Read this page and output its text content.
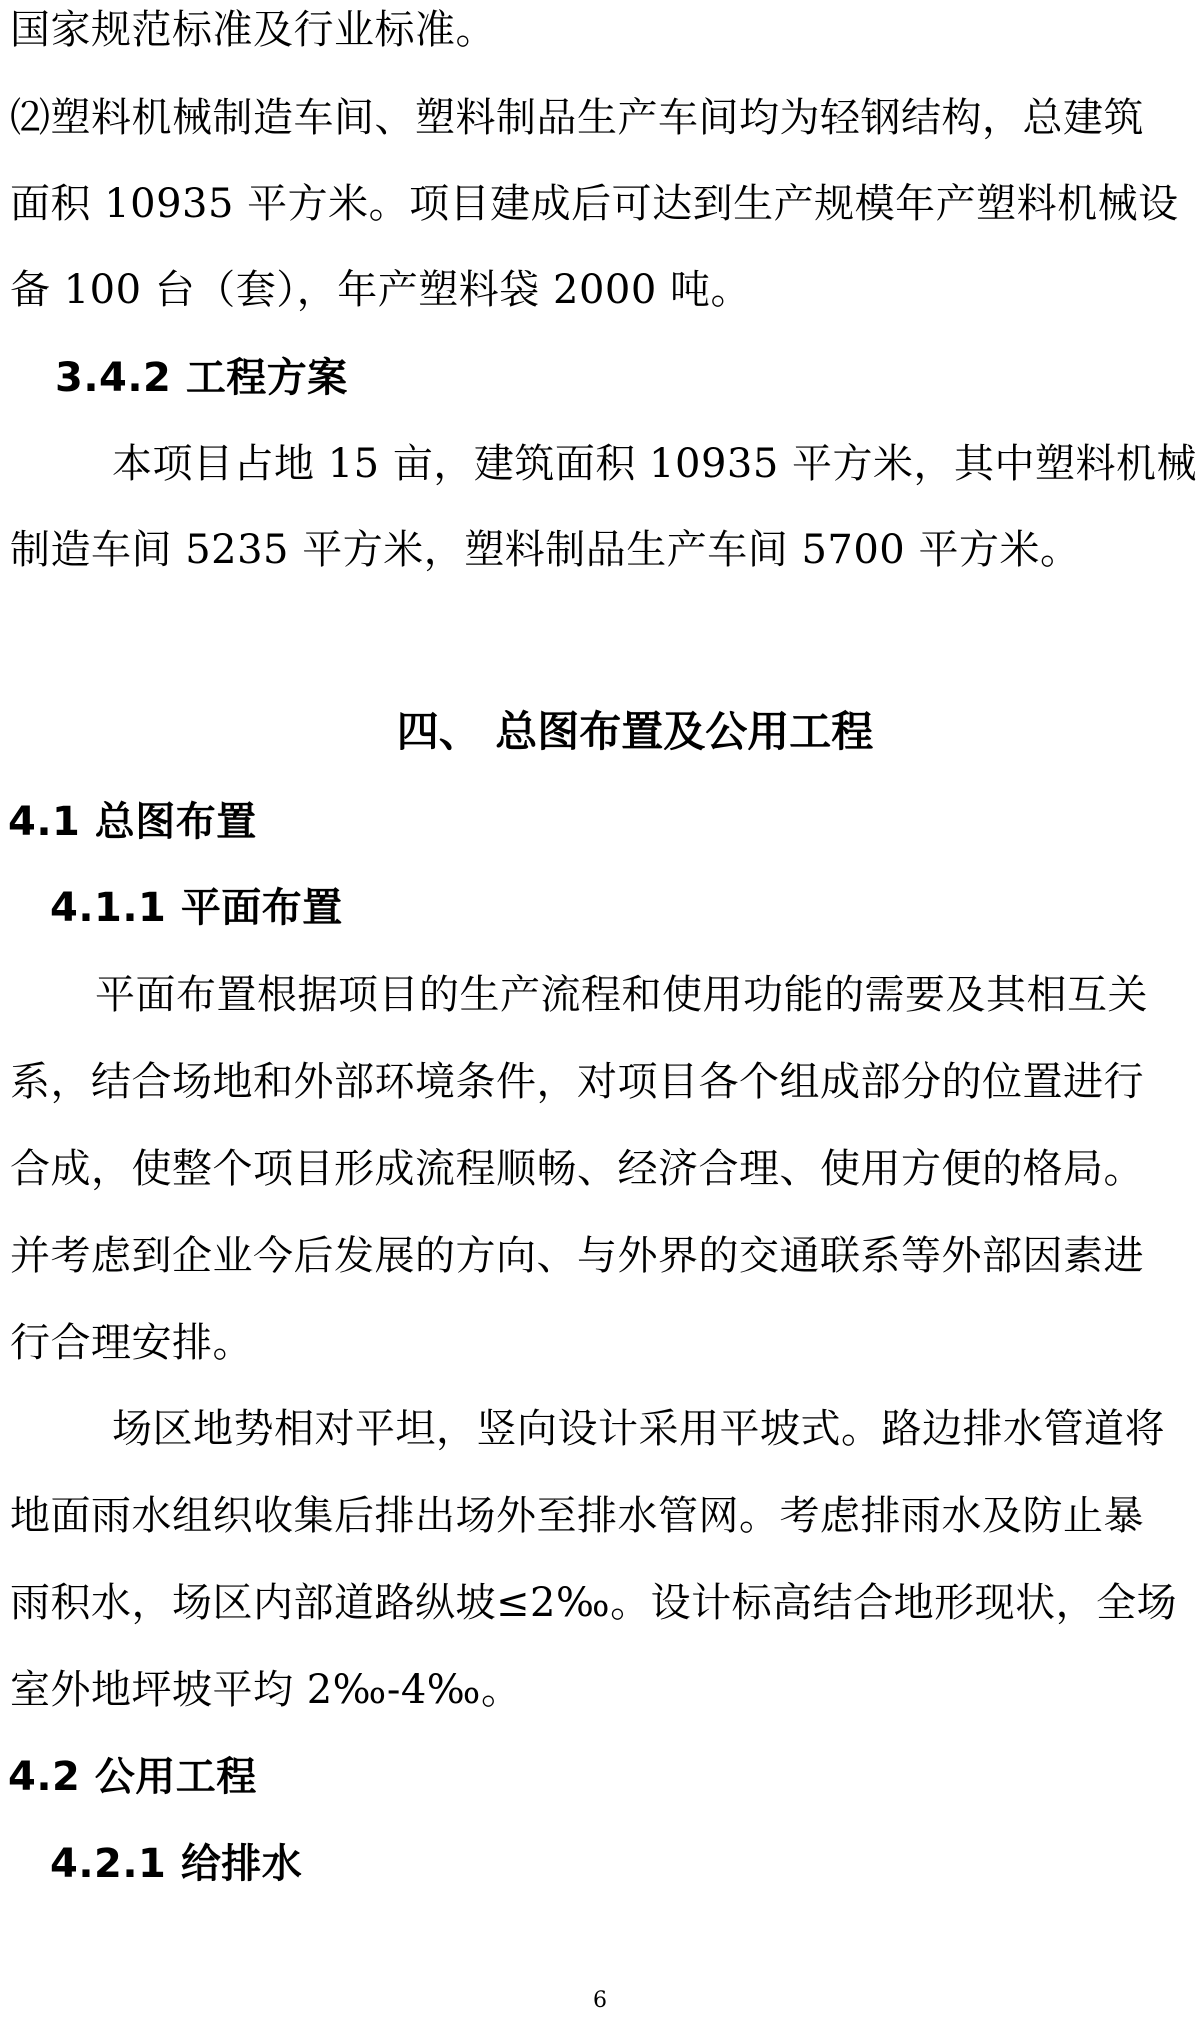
国家规范标准及行业标准。
⑵塑料机械制造车间、塑料制品生产车间均为轻钢结构，总建筑
面积 10935 平方米。项目建成后可达到生产规模年产塑料机械设
备 100 台（套），年产塑料袋 2000 吨。
3.4.2 工程方案
本项目占地 15 亩，建筑面积 10935 平方米，其中塑料机械
制造车间 5235 平方米，塑料制品生产车间 5700 平方米。
四、 总图布置及公用工程
4.1 总图布置
4.1.1 平面布置
平面布置根据项目的生产流程和使用功能的需要及其相互关
系，结合场地和外部环境条件，对项目各个组成部分的位置进行
合成，使整个项目形成流程顺畅、经济合理、使用方便的格局。
并考虑到企业今后发展的方向、与外界的交通联系等外部因素进
行合理安排。
场区地势相对平坦，竖向设计采用平坡式。路边排水管道将
地面雨水组织收集后排出场外至排水管网。考虑排雨水及防止暴
雨积水，场区内部道路纵坡≤2‰。设计标高结合地形现状，全场
室外地坪坡平均 2‰-4‰。
4.2 公用工程
4.2.1 给排水
6
